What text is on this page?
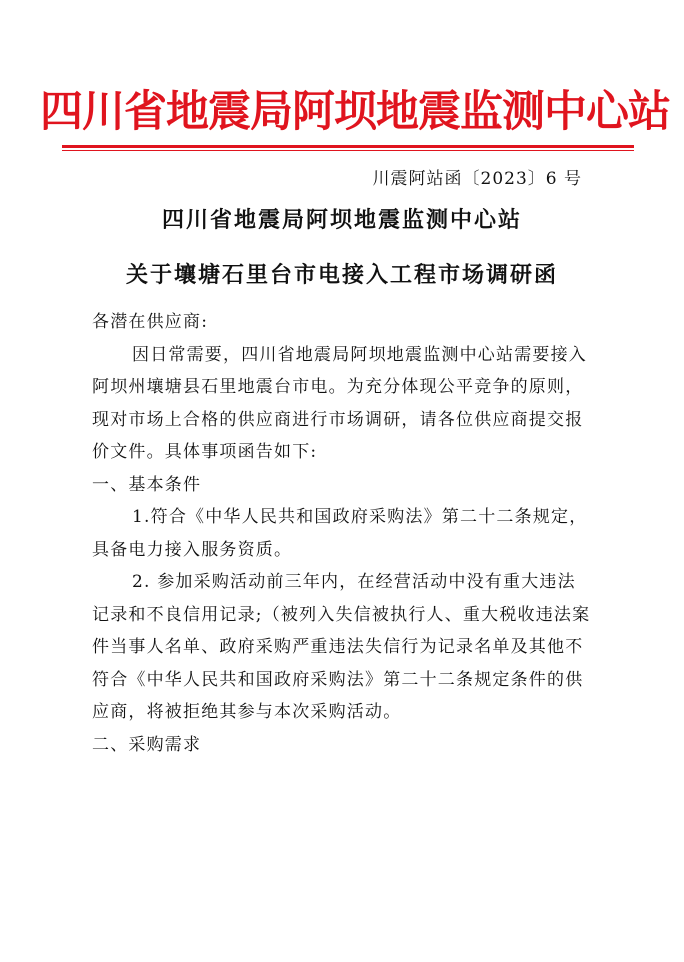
四川省地震局阿坝地震监测中心站
川震阿站函〔2023〕6 号
四川省地震局阿坝地震监测中心站
关于壤塘石里台市电接入工程市场调研函

各潜在供应商:

因日常需要，四川省地震局阿坝地震监测中心站需要接入阿坝州壤塘县石里地震台市电。为充分体现公平竞争的原则，现对市场上合格的供应商进行市场调研，请各位供应商提交报价文件。具体事项函告如下:

一、基本条件

1.符合《中华人民共和国政府采购法》第二十二条规定，具备电力接入服务资质。

2. 参加采购活动前三年内，在经营活动中没有重大违法记录和不良信用记录;（被列入失信被执行人、重大税收违法案件当事人名单、政府采购严重违法失信行为记录名单及其他不符合《中华人民共和国政府采购法》第二十二条规定条件的供应商，将被拒绝其参与本次采购活动。

二、采购需求
